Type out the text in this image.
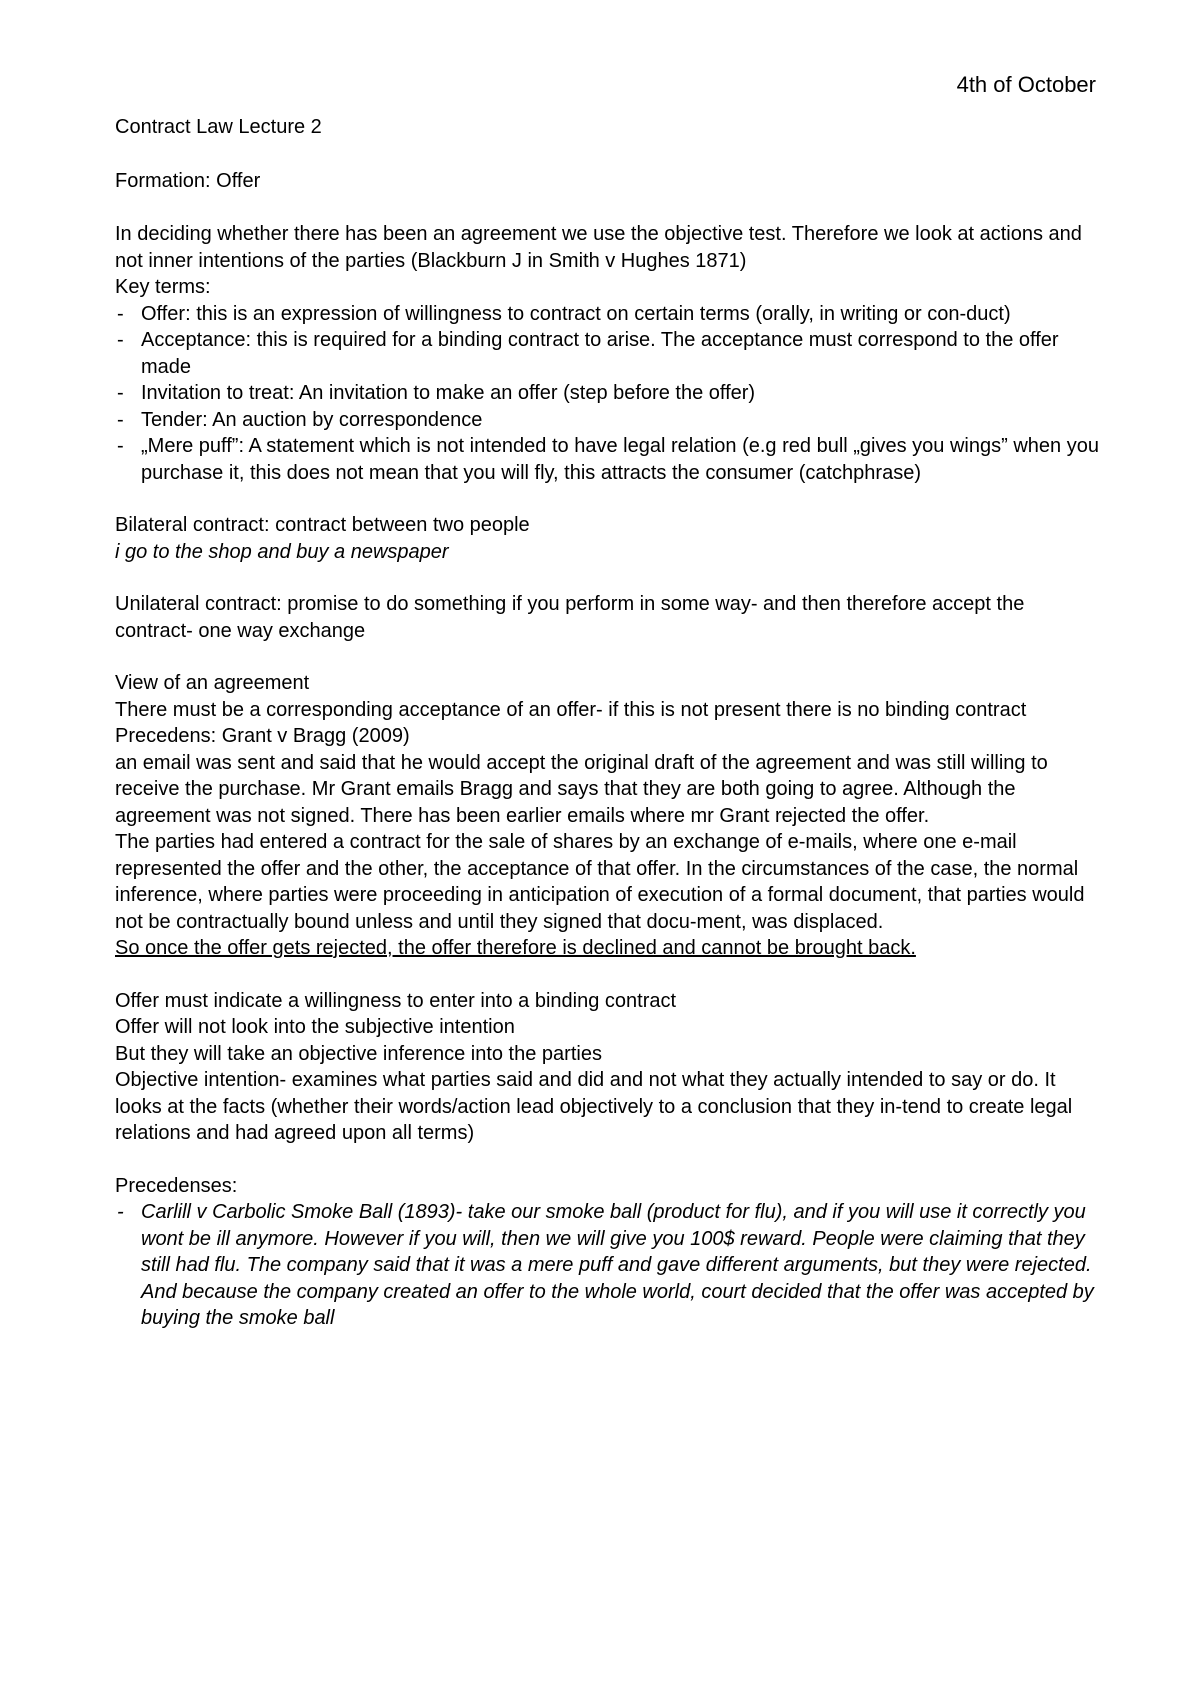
4th of October

Contract Law Lecture 2

Formation: Offer

In deciding whether there has been an agreement we use the objective test. Therefore we look at actions and not inner intentions of the parties (Blackburn J in Smith v Hughes 1871)

Key terms:

- Offer: this is an expression of willingness to contract on certain terms (orally, in writing or con-duct)
- Acceptance: this is required for a binding contract to arise. The acceptance must correspond to the offer made
- Invitation to treat: An invitation to make an offer (step before the offer)
- Tender: An auction by correspondence
- „Mere puff”: A statement which is not intended to have legal relation (e.g red bull „gives you wings” when you purchase it, this does not mean that you will fly, this attracts the consumer (catchphrase)

Bilateral contract: contract between two people

i go to the shop and buy a newspaper

Unilateral contract: promise to do something if you perform in some way- and then therefore accept the contract- one way exchange

View of an agreement

There must be a corresponding acceptance of an offer- if this is not present there is no binding contract

Precedens: Grant v Bragg (2009)

an email was sent and said that he would accept the original draft of the agreement and was still willing to receive the purchase. Mr Grant emails Bragg and says that they are both going to agree. Although the agreement was not signed. There has been earlier emails where mr Grant rejected the offer.

The parties had entered a contract for the sale of shares by an exchange of e-mails, where one e-mail represented the offer and the other, the acceptance of that offer. In the circumstances of the case, the normal inference, where parties were proceeding in anticipation of execution of a formal document, that parties would not be contractually bound unless and until they signed that docu-ment, was displaced.

So once the offer gets rejected, the offer therefore is declined and cannot be brought back.

Offer must indicate a willingness to enter into a binding contract

Offer will not look into the subjective intention

But they will take an objective inference into the parties

Objective intention- examines what parties said and did and not what they actually intended to say or do. It looks at the facts (whether their words/action lead objectively to a conclusion that they in-tend to create legal relations and had agreed upon all terms)

Precedenses:

- Carlill v Carbolic Smoke Ball (1893)- take our smoke ball (product for flu), and if you will use it correctly you wont be ill anymore. However if you will, then we will give you 100$ reward. People were claiming that they still had flu. The company said that it was a mere puff and gave different arguments, but they were rejected. And because the company created an offer to the whole world, court decided that the offer was accepted by buying the smoke ball
